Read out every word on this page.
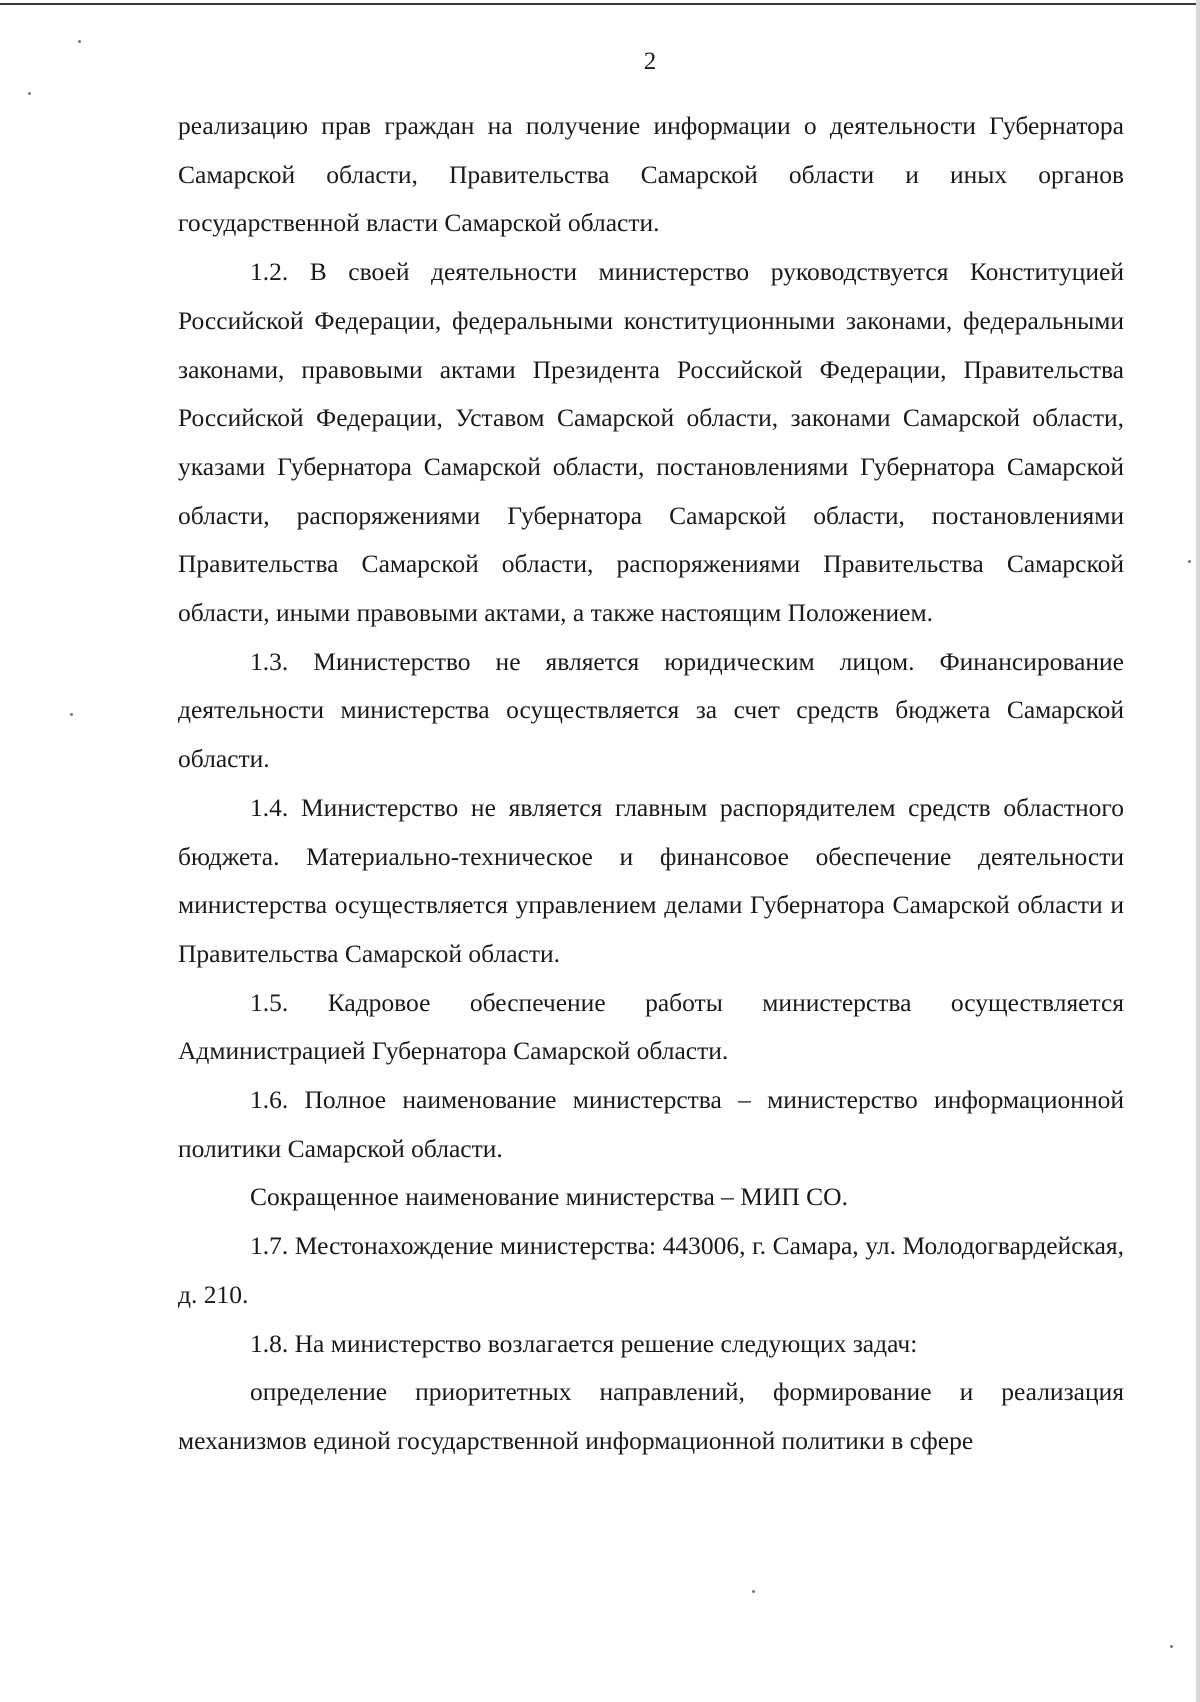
2

реализацию прав граждан на получение информации о деятельности Губернатора Самарской области, Правительства Самарской области и иных органов государственной власти Самарской области.

1.2. В своей деятельности министерство руководствуется Конституцией Российской Федерации, федеральными конституционными законами, федеральными законами, правовыми актами Президента Российской Федерации, Правительства Российской Федерации, Уставом Самарской области, законами Самарской области, указами Губернатора Самарской области, постановлениями Губернатора Самарской области, распоряжениями Губернатора Самарской области, постановлениями Правительства Самарской области, распоряжениями Правительства Самарской области, иными правовыми актами, а также настоящим Положением.

1.3. Министерство не является юридическим лицом. Финансирование деятельности министерства осуществляется за счет средств бюджета Самарской области.

1.4. Министерство не является главным распорядителем средств областного бюджета. Материально-техническое и финансовое обеспечение деятельности министерства осуществляется управлением делами Губернатора Самарской области и Правительства Самарской области.

1.5. Кадровое обеспечение работы министерства осуществляется Администрацией Губернатора Самарской области.

1.6. Полное наименование министерства – министерство информационной политики Самарской области.

Сокращенное наименование министерства – МИП СО.

1.7. Местонахождение министерства: 443006, г. Самара, ул. Молодогвардейская, д. 210.

1.8. На министерство возлагается решение следующих задач:

определение приоритетных направлений, формирование и реализация механизмов единой государственной информационной политики в сфере
